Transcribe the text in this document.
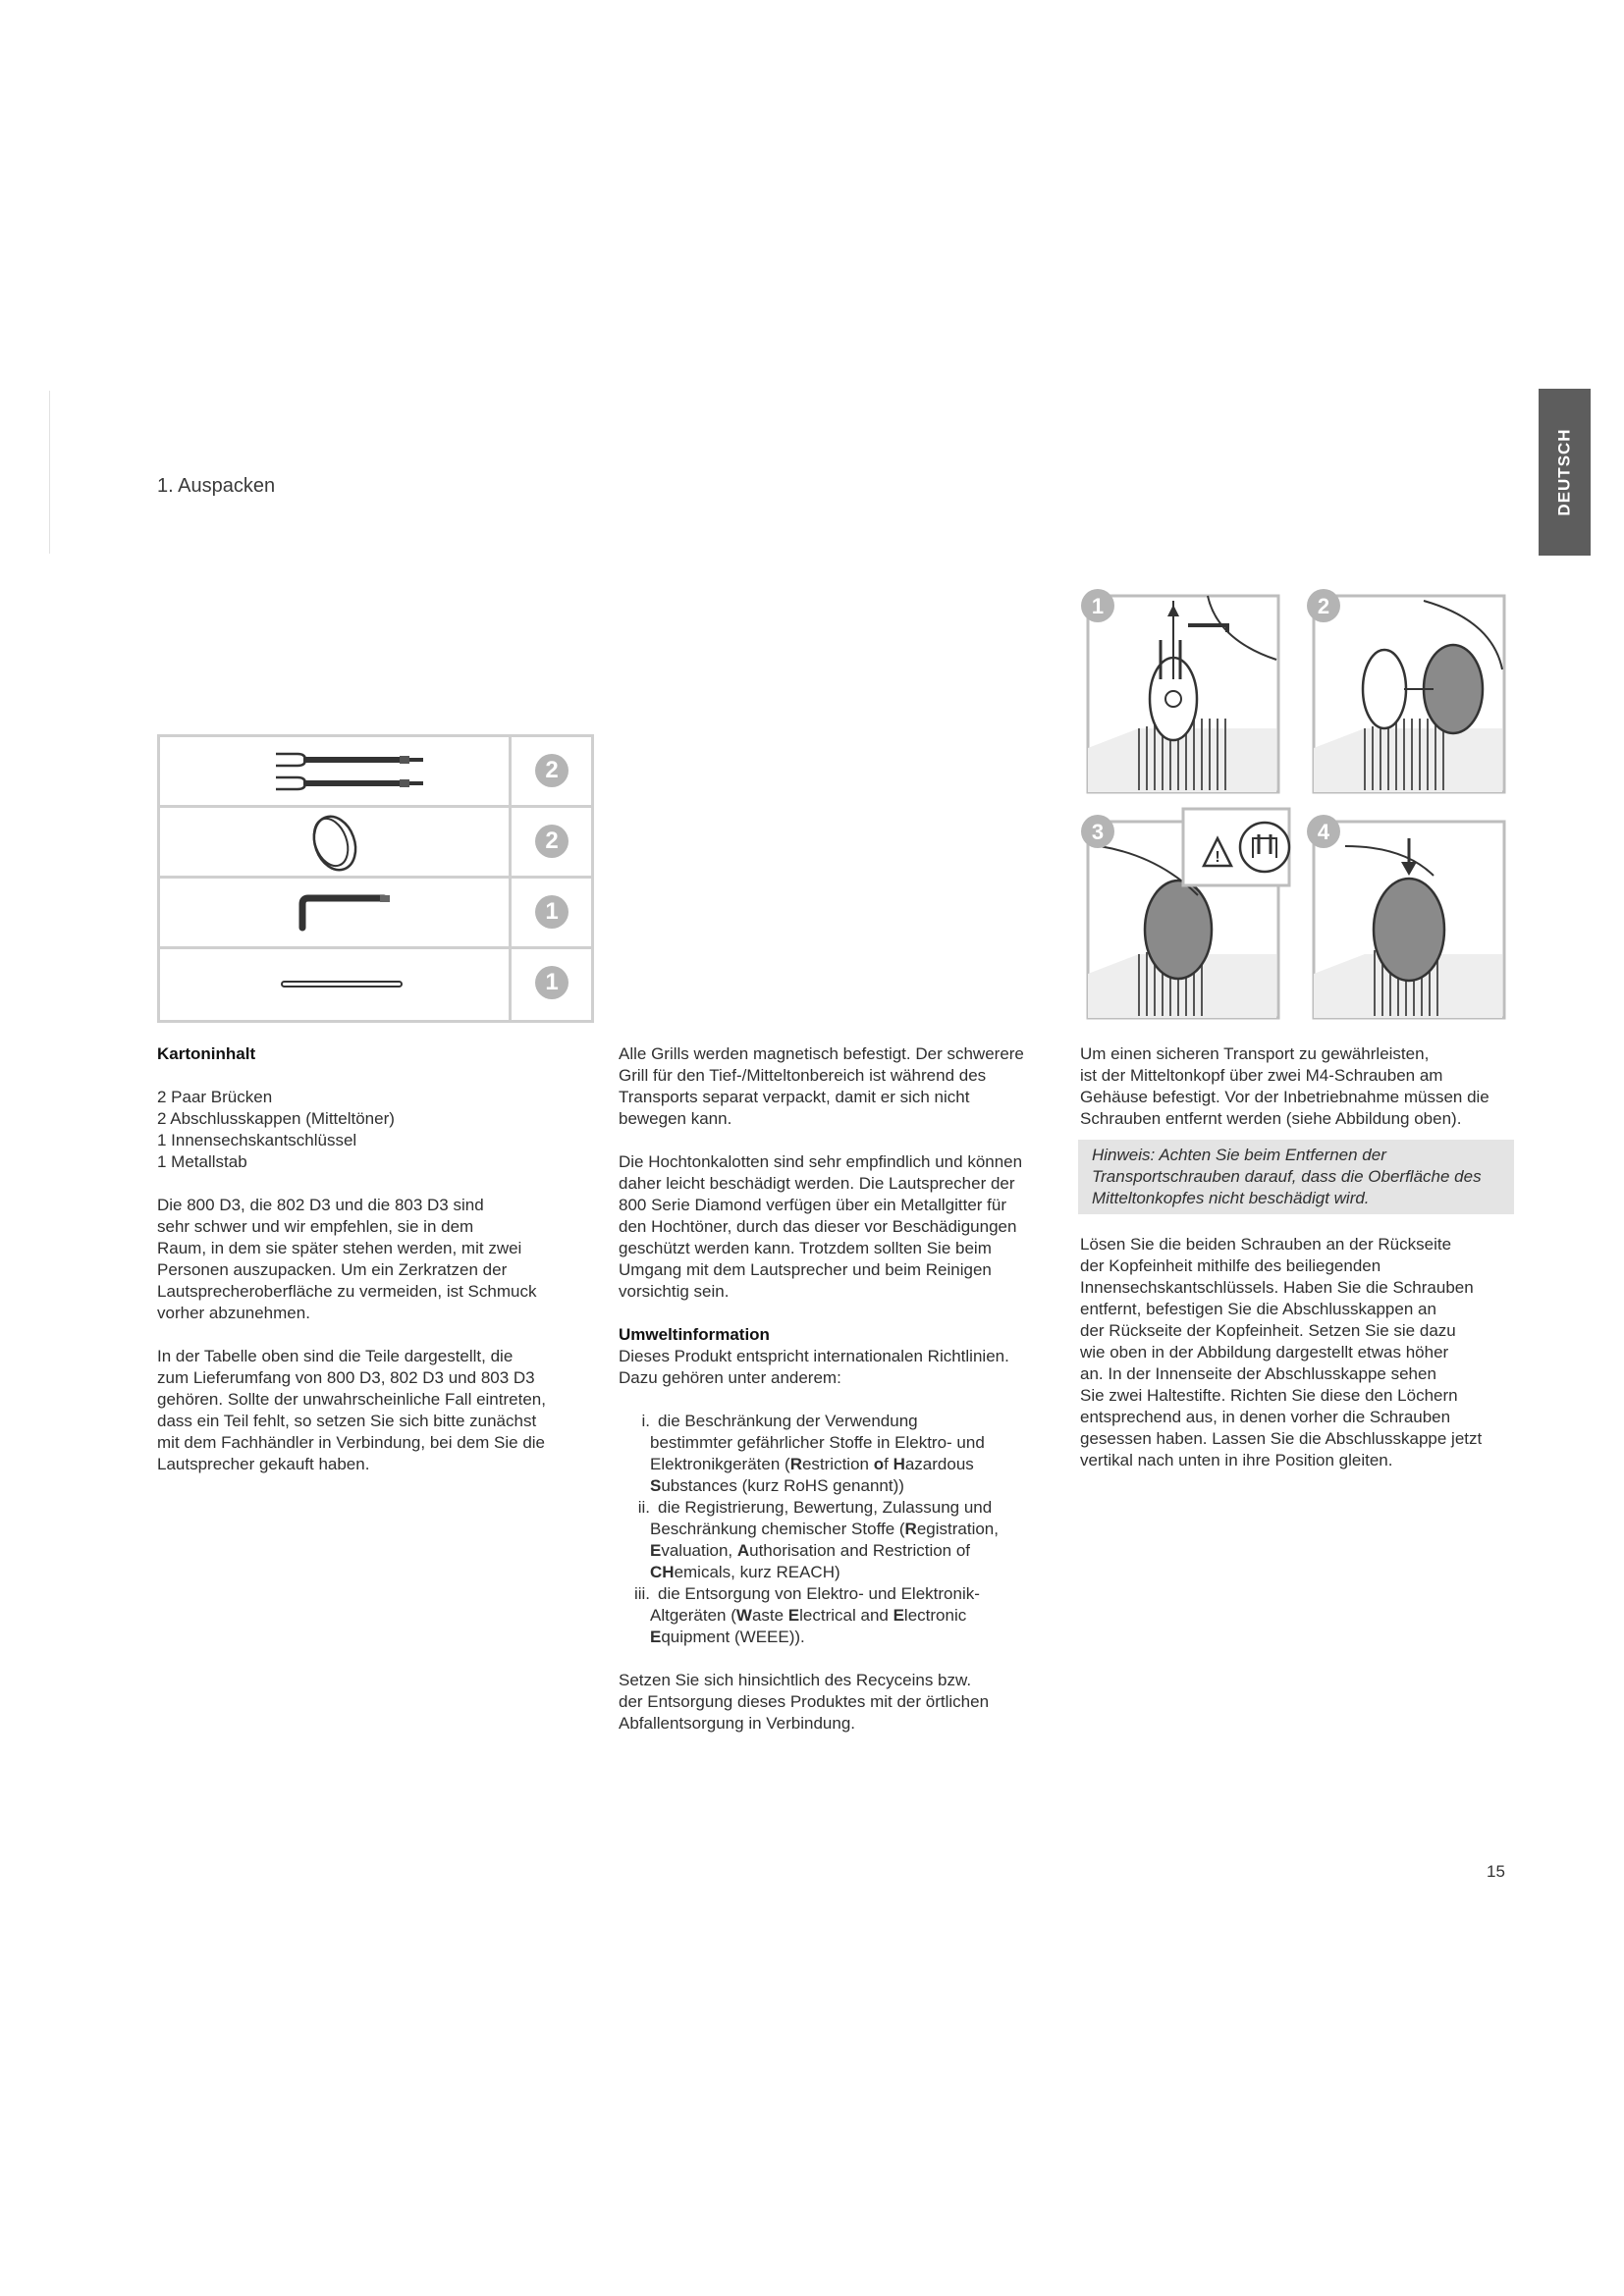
1. Auspacken	DEUTSCH
2
2
1
1
1	2
!
3	4

Kartoninhalt

2 Paar Brücken

2 Abschlusskappen (Mitteltöner)

1 Innensechskantschlüssel

1 Metallstab

Die 800 D3, die 802 D3 und die 803 D3 sind

sehr schwer und wir empfehlen, sie in dem

Raum, in dem sie später stehen werden, mit zwei

Personen auszupacken. Um ein Zerkratzen der

Lautsprecheroberfläche zu vermeiden, ist Schmuck

vorher abzunehmen.

In der Tabelle oben sind die Teile dargestellt, die

zum Lieferumfang von 800 D3, 802 D3 und 803 D3

gehören. Sollte der unwahrscheinliche Fall eintreten,

dass ein Teil fehlt, so setzen Sie sich bitte zunächst

mit dem Fachhändler in Verbindung, bei dem Sie die

Lautsprecher gekauft haben.

Alle Grills werden magnetisch befestigt. Der schwerere

Grill für den Tief-/Mitteltonbereich ist während des

Transports separat verpackt, damit er sich nicht

bewegen kann.

Die Hochtonkalotten sind sehr empfindlich und können

daher leicht beschädigt werden. Die Lautsprecher der

800 Serie Diamond verfügen über ein Metallgitter für

den Hochtöner, durch das dieser vor Beschädigungen

geschützt werden kann. Trotzdem sollten Sie beim

Umgang mit dem Lautsprecher und beim Reinigen

vorsichtig sein.

Umweltinformation

Dieses Produkt entspricht internationalen Richtlinien.

Dazu gehören unter anderem:

i. die Beschränkung der Verwendung

bestimmter gefährlicher Stoffe in Elektro- und

Elektronikgeräten (Restriction of Hazardous

Substances (kurz RoHS genannt))

ii. die Registrierung, Bewertung, Zulassung und

Beschränkung chemischer Stoffe (Registration,

Evaluation, Authorisation and Restriction of

CHemicals, kurz REACH)

iii. die Entsorgung von Elektro- und Elektronik-

Altgeräten (Waste Electrical and Electronic

Equipment (WEEE)).

Setzen Sie sich hinsichtlich des Recyceins bzw.

der Entsorgung dieses Produktes mit der örtlichen

Abfallentsorgung in Verbindung.

Um einen sicheren Transport zu gewährleisten,

ist der Mitteltonkopf über zwei M4-Schrauben am

Gehäuse befestigt. Vor der Inbetriebnahme müssen die

Schrauben entfernt werden (siehe Abbildung oben).

Hinweis: Achten Sie beim Entfernen der

Transportschrauben darauf, dass die Oberfläche des

Mitteltonkopfes nicht beschädigt wird.

Lösen Sie die beiden Schrauben an der Rückseite

der Kopfeinheit mithilfe des beiliegenden

Innensechskantschlüssels. Haben Sie die Schrauben

entfernt, befestigen Sie die Abschlusskappen an

der Rückseite der Kopfeinheit. Setzen Sie sie dazu

wie oben in der Abbildung dargestellt etwas höher

an. In der Innenseite der Abschlusskappe sehen

Sie zwei Haltestifte. Richten Sie diese den Löchern

entsprechend aus, in denen vorher die Schrauben

gesessen haben. Lassen Sie die Abschlusskappe jetzt

vertikal nach unten in ihre Position gleiten.

15
